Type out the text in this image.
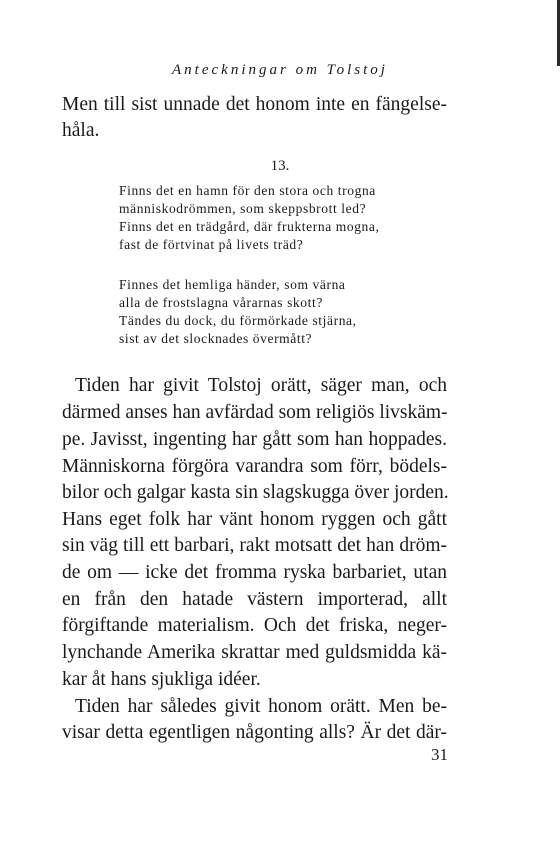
Anteckningar om Tolstoj
Men till sist unnade det honom inte en fängelse-
håla.
13.
Finns det en hamn för den stora och trogna
människodrömmen, som skeppsbrott led?
Finns det en trädgård, där frukterna mogna,
fast de förtvinat på livets träd?
Finnes det hemliga händer, som värna
alla de frostslagna vårarnas skott?
Tändes du dock, du förmörkade stjärna,
sist av det slocknades övermått?
Tiden har givit Tolstoj orätt, säger man, och
därmed anses han avfärdad som religiös livskäm-
pe. Javisst, ingenting har gått som han hoppades.
Människorna förgöra varandra som förr, bödels-
bilor och galgar kasta sin slagskugga över jorden.
Hans eget folk har vänt honom ryggen och gått
sin väg till ett barbari, rakt motsatt det han dröm-
de om — icke det fromma ryska barbariet, utan
en från den hatade västern importerad, allt
förgiftande materialism. Och det friska, neger-
lynchande Amerika skrattar med guldsmidda kä-
kar åt hans sjukliga idéer.
Tiden har således givit honom orätt. Men be-
visar detta egentligen någonting alls? Är det där-
31
